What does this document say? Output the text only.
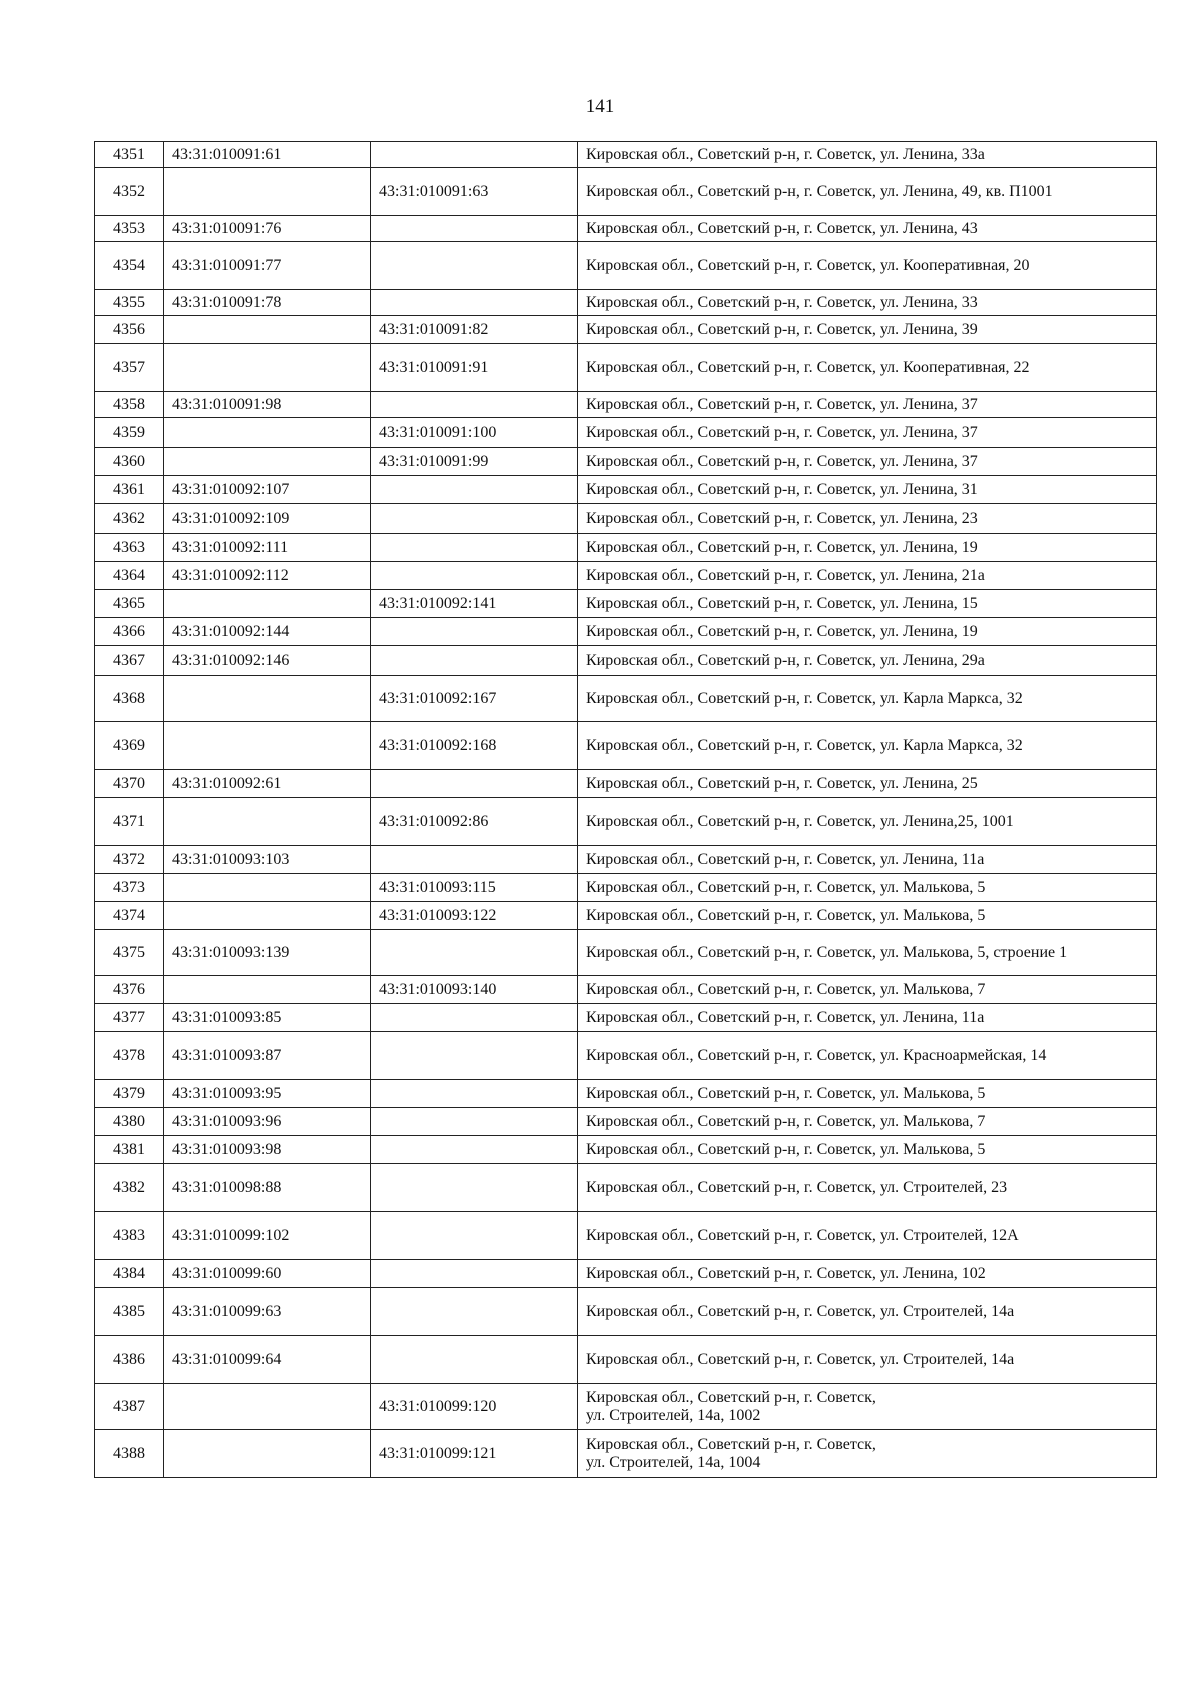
141
4351	43:31:010091:61		Кировская обл., Советский р-н, г. Советск, ул. Ленина, 33а
4352		43:31:010091:63	Кировская обл., Советский р-н, г. Советск, ул. Ленина, 49, кв. П1001
4353	43:31:010091:76		Кировская обл., Советский р-н, г. Советск, ул. Ленина, 43
4354	43:31:010091:77		Кировская обл., Советский р-н, г. Советск, ул. Кооперативная, 20
4355	43:31:010091:78		Кировская обл., Советский р-н, г. Советск, ул. Ленина, 33
4356		43:31:010091:82	Кировская обл., Советский р-н, г. Советск, ул. Ленина, 39
4357		43:31:010091:91	Кировская обл., Советский р-н, г. Советск, ул. Кооперативная, 22
4358	43:31:010091:98		Кировская обл., Советский р-н, г. Советск, ул. Ленина, 37
4359		43:31:010091:100	Кировская обл., Советский р-н, г. Советск, ул. Ленина, 37
4360		43:31:010091:99	Кировская обл., Советский р-н, г. Советск, ул. Ленина, 37
4361	43:31:010092:107		Кировская обл., Советский р-н, г. Советск, ул. Ленина, 31
4362	43:31:010092:109		Кировская обл., Советский р-н, г. Советск, ул. Ленина, 23
4363	43:31:010092:111		Кировская обл., Советский р-н, г. Советск, ул. Ленина, 19
4364	43:31:010092:112		Кировская обл., Советский р-н, г. Советск, ул. Ленина, 21а
4365		43:31:010092:141	Кировская обл., Советский р-н, г. Советск, ул. Ленина, 15
4366	43:31:010092:144		Кировская обл., Советский р-н, г. Советск, ул. Ленина, 19
4367	43:31:010092:146		Кировская обл., Советский р-н, г. Советск, ул. Ленина, 29а
4368		43:31:010092:167	Кировская обл., Советский р-н, г. Советск, ул. Карла Маркса, 32
4369		43:31:010092:168	Кировская обл., Советский р-н, г. Советск, ул. Карла Маркса, 32
4370	43:31:010092:61		Кировская обл., Советский р-н, г. Советск, ул. Ленина, 25
4371		43:31:010092:86	Кировская обл., Советский р-н, г. Советск, ул. Ленина,25, 1001
4372	43:31:010093:103		Кировская обл., Советский р-н, г. Советск, ул. Ленина, 11а
4373		43:31:010093:115	Кировская обл., Советский р-н, г. Советск, ул. Малькова, 5
4374		43:31:010093:122	Кировская обл., Советский р-н, г. Советск, ул. Малькова, 5
4375	43:31:010093:139		Кировская обл., Советский р-н, г. Советск, ул. Малькова, 5, строение 1
4376		43:31:010093:140	Кировская обл., Советский р-н, г. Советск, ул. Малькова, 7
4377	43:31:010093:85		Кировская обл., Советский р-н, г. Советск, ул. Ленина, 11а
4378	43:31:010093:87		Кировская обл., Советский р-н, г. Советск, ул. Красноармейская, 14
4379	43:31:010093:95		Кировская обл., Советский р-н, г. Советск, ул. Малькова, 5
4380	43:31:010093:96		Кировская обл., Советский р-н, г. Советск, ул. Малькова, 7
4381	43:31:010093:98		Кировская обл., Советский р-н, г. Советск, ул. Малькова, 5
4382	43:31:010098:88		Кировская обл., Советский р-н, г. Советск, ул. Строителей, 23
4383	43:31:010099:102		Кировская обл., Советский р-н, г. Советск, ул. Строителей, 12А
4384	43:31:010099:60		Кировская обл., Советский р-н, г. Советск, ул. Ленина, 102
4385	43:31:010099:63		Кировская обл., Советский р-н, г. Советск, ул. Строителей, 14а
4386	43:31:010099:64		Кировская обл., Советский р-н, г. Советск, ул. Строителей, 14а
4387		43:31:010099:120	Кировская обл., Советский р-н, г. Советск,
ул. Строителей, 14а, 1002
4388		43:31:010099:121	Кировская обл., Советский р-н, г. Советск,
ул. Строителей, 14а, 1004
